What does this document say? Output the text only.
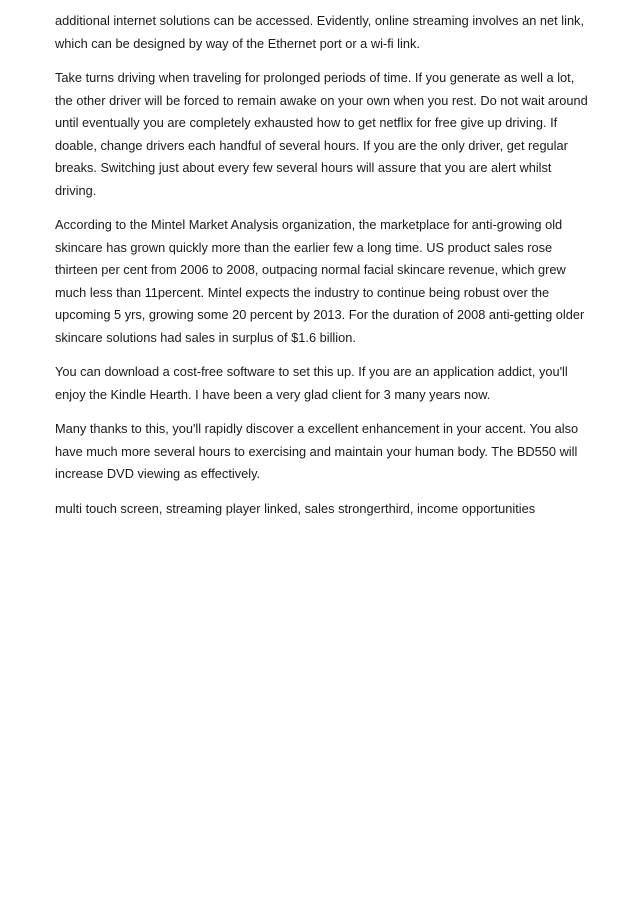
additional internet solutions can be accessed. Evidently, online streaming involves an net link, which can be designed by way of the Ethernet port or a wi-fi link.

Take turns driving when traveling for prolonged periods of time. If you generate as well a lot, the other driver will be forced to remain awake on your own when you rest. Do not wait around until eventually you are completely exhausted how to get netflix for free give up driving. If doable, change drivers each handful of several hours. If you are the only driver, get regular breaks. Switching just about every few several hours will assure that you are alert whilst driving.

According to the Mintel Market Analysis organization, the marketplace for anti-growing old skincare has grown quickly more than the earlier few a long time. US product sales rose thirteen per cent from 2006 to 2008, outpacing normal facial skincare revenue, which grew much less than 11percent. Mintel expects the industry to continue being robust over the upcoming 5 yrs, growing some 20 percent by 2013. For the duration of 2008 anti-getting older skincare solutions had sales in surplus of $1.6 billion.

You can download a cost-free software to set this up. If you are an application addict, you'll enjoy the Kindle Hearth. I have been a very glad client for 3 many years now.

Many thanks to this, you'll rapidly discover a excellent enhancement in your accent. You also have much more several hours to exercising and maintain your human body. The BD550 will increase DVD viewing as effectively.

multi touch screen, streaming player linked, sales strongerthird, income opportunities
